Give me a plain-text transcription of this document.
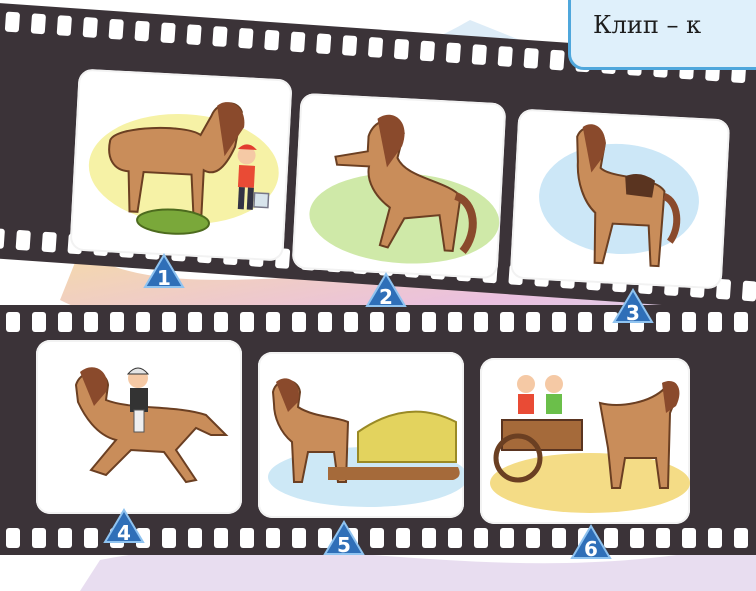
Клип – к
1
2
3
4	5	6
